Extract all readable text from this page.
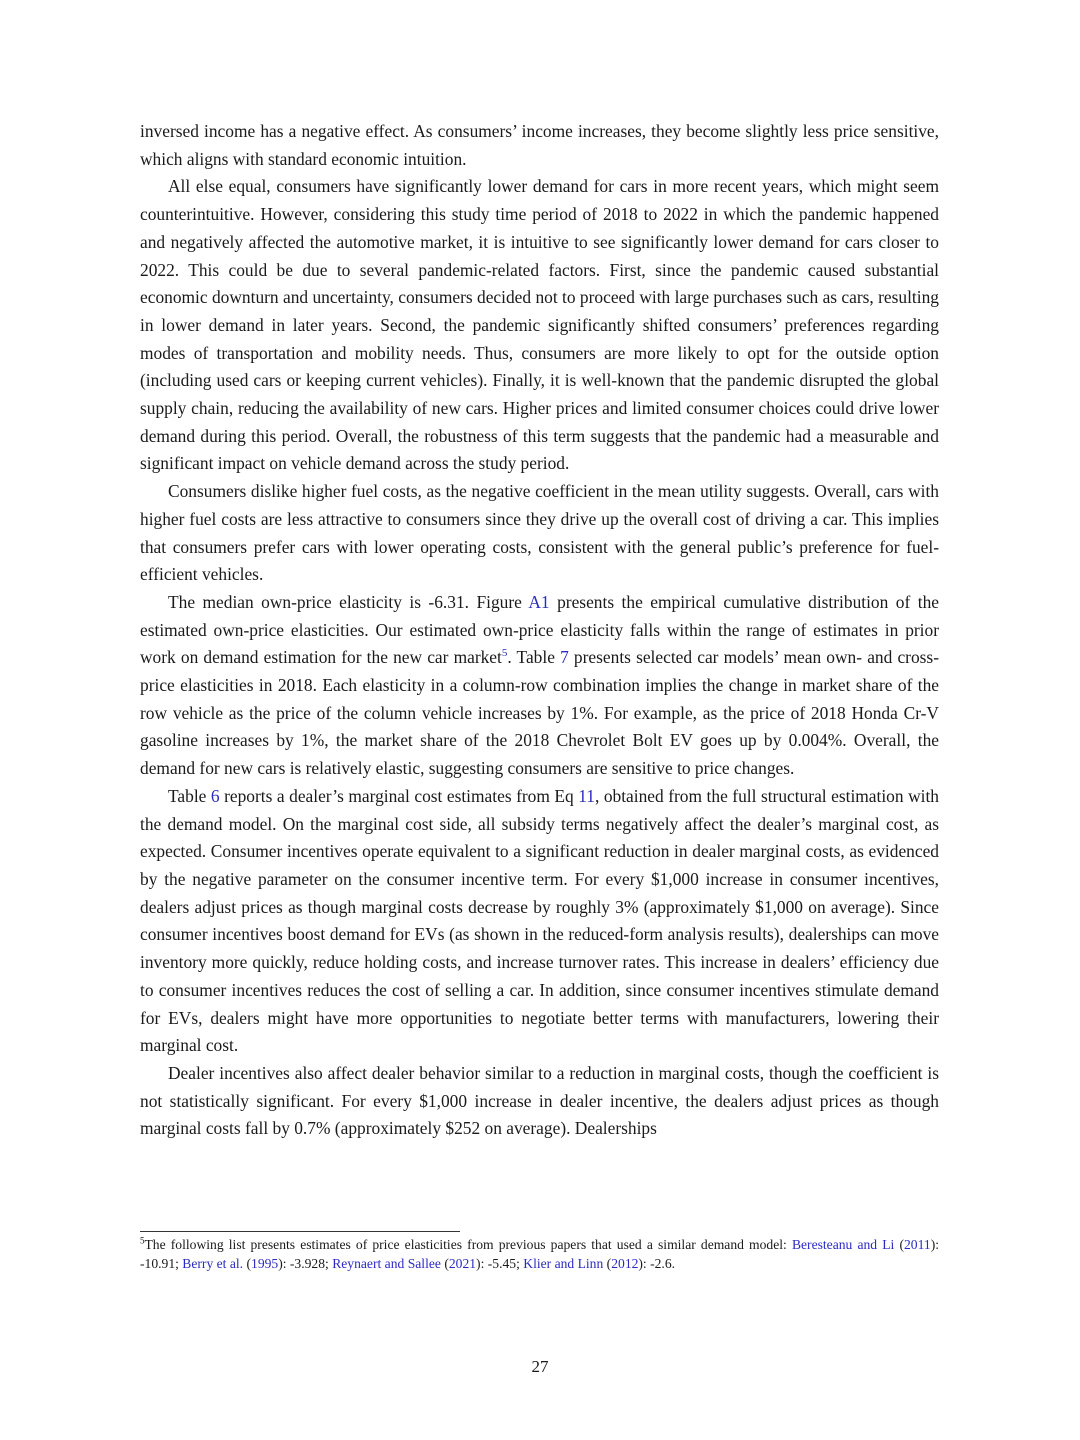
inversed income has a negative effect. As consumers’ income increases, they become slightly less price sensitive, which aligns with standard economic intuition.

All else equal, consumers have significantly lower demand for cars in more recent years, which might seem counterintuitive. However, considering this study time period of 2018 to 2022 in which the pandemic happened and negatively affected the automotive market, it is intuitive to see significantly lower demand for cars closer to 2022. This could be due to several pandemic-related factors. First, since the pandemic caused substantial economic downturn and uncertainty, consumers decided not to proceed with large purchases such as cars, resulting in lower demand in later years. Second, the pandemic significantly shifted consumers’ preferences regarding modes of transportation and mobility needs. Thus, consumers are more likely to opt for the outside option (including used cars or keeping current vehicles). Finally, it is well-known that the pandemic disrupted the global supply chain, reducing the availability of new cars. Higher prices and limited consumer choices could drive lower demand during this period. Overall, the robustness of this term suggests that the pandemic had a measurable and significant impact on vehicle demand across the study period.

Consumers dislike higher fuel costs, as the negative coefficient in the mean utility suggests. Overall, cars with higher fuel costs are less attractive to consumers since they drive up the overall cost of driving a car. This implies that consumers prefer cars with lower operating costs, consistent with the general public’s preference for fuel-efficient vehicles.

The median own-price elasticity is -6.31. Figure A1 presents the empirical cumulative distribution of the estimated own-price elasticities. Our estimated own-price elasticity falls within the range of estimates in prior work on demand estimation for the new car market$^5$. Table 7 presents selected car models’ mean own- and cross-price elasticities in 2018. Each elasticity in a column-row combination implies the change in market share of the row vehicle as the price of the column vehicle increases by 1%. For example, as the price of 2018 Honda Cr-V gasoline increases by 1%, the market share of the 2018 Chevrolet Bolt EV goes up by 0.004%. Overall, the demand for new cars is relatively elastic, suggesting consumers are sensitive to price changes.

Table 6 reports a dealer’s marginal cost estimates from Eq 11, obtained from the full structural estimation with the demand model. On the marginal cost side, all subsidy terms negatively affect the dealer’s marginal cost, as expected. Consumer incentives operate equivalent to a significant reduction in dealer marginal costs, as evidenced by the negative parameter on the consumer incentive term. For every $1,000 increase in consumer incentives, dealers adjust prices as though marginal costs decrease by roughly 3% (approximately $1,000 on average). Since consumer incentives boost demand for EVs (as shown in the reduced-form analysis results), dealerships can move inventory more quickly, reduce holding costs, and increase turnover rates. This increase in dealers’ efficiency due to consumer incentives reduces the cost of selling a car. In addition, since consumer incentives stimulate demand for EVs, dealers might have more opportunities to negotiate better terms with manufacturers, lowering their marginal cost.

Dealer incentives also affect dealer behavior similar to a reduction in marginal costs, though the coefficient is not statistically significant. For every $1,000 increase in dealer incentive, the dealers adjust prices as though marginal costs fall by 0.7% (approximately $252 on average). Dealerships

$^5$The following list presents estimates of price elasticities from previous papers that used a similar demand model: Beresteanu and Li (2011): -10.91; Berry et al. (1995): -3.928; Reynaert and Sallee (2021): -5.45; Klier and Linn (2012): -2.6.

27
